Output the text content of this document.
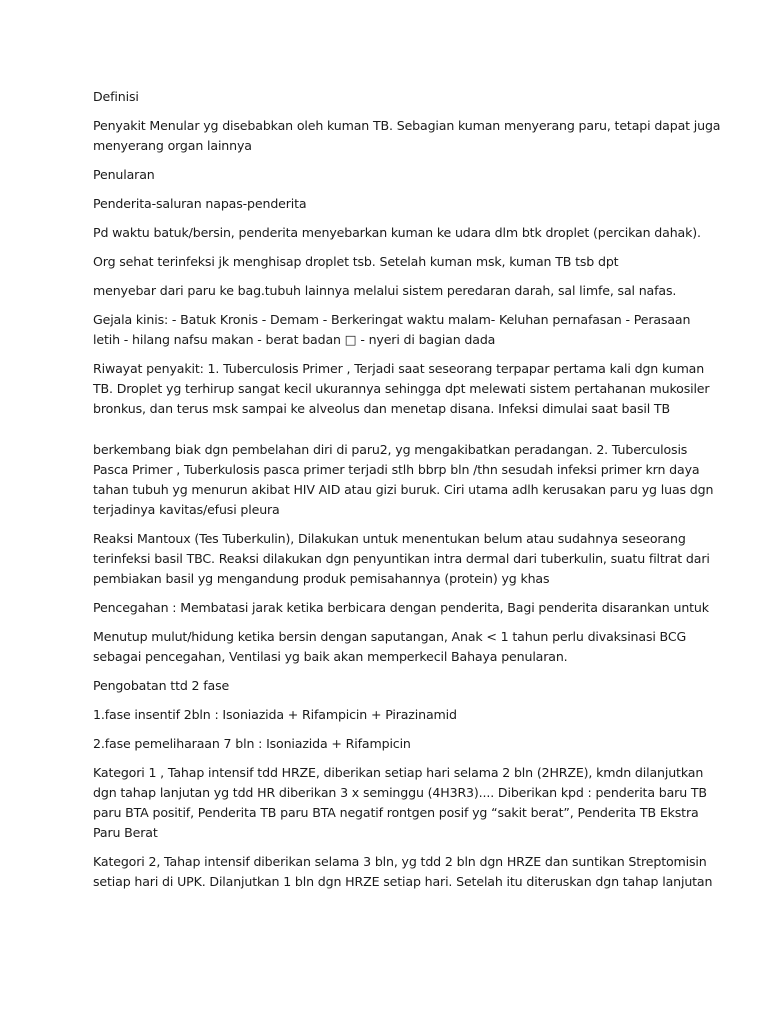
Definisi

Penyakit Menular yg disebabkan oleh kuman TB. Sebagian kuman menyerang paru, tetapi dapat juga
menyerang organ lainnya

Penularan

Penderita-saluran napas-penderita

Pd waktu batuk/bersin, penderita menyebarkan kuman ke udara dlm btk droplet (percikan dahak).

Org sehat terinfeksi jk menghisap droplet tsb. Setelah kuman msk, kuman TB tsb dpt

menyebar dari paru ke bag.tubuh lainnya melalui sistem peredaran darah, sal limfe, sal nafas.

Gejala kinis: - Batuk Kronis - Demam - Berkeringat waktu malam- Keluhan pernafasan - Perasaan
letih - hilang nafsu makan - berat badan □ - nyeri di bagian dada

Riwayat penyakit: 1. Tuberculosis Primer , Terjadi saat seseorang terpapar pertama kali dgn kuman
TB. Droplet yg terhirup sangat kecil ukurannya sehingga dpt melewati sistem pertahanan mukosiler
bronkus, dan terus msk sampai ke alveolus dan menetap disana. Infeksi dimulai saat basil TB

berkembang biak dgn pembelahan diri di paru2, yg mengakibatkan peradangan. 2. Tuberculosis
Pasca Primer , Tuberkulosis pasca primer terjadi stlh bbrp bln /thn sesudah infeksi primer krn daya
tahan tubuh yg menurun akibat HIV AID atau gizi buruk. Ciri utama adlh kerusakan paru yg luas dgn
terjadinya kavitas/efusi pleura

Reaksi Mantoux (Tes Tuberkulin), Dilakukan untuk menentukan belum atau sudahnya seseorang
terinfeksi basil TBC. Reaksi dilakukan dgn penyuntikan intra dermal dari tuberkulin, suatu filtrat dari
pembiakan basil yg mengandung produk pemisahannya (protein) yg khas

Pencegahan : Membatasi jarak ketika berbicara dengan penderita, Bagi penderita disarankan untuk

Menutup mulut/hidung ketika bersin dengan saputangan, Anak < 1 tahun perlu divaksinasi BCG
sebagai pencegahan, Ventilasi yg baik akan memperkecil Bahaya penularan.

Pengobatan ttd 2 fase

1.fase insentif 2bln : Isoniazida + Rifampicin + Pirazinamid

2.fase pemeliharaan 7 bln : Isoniazida + Rifampicin

Kategori 1 , Tahap intensif tdd HRZE, diberikan setiap hari selama 2 bln (2HRZE), kmdn dilanjutkan
dgn tahap lanjutan yg tdd HR diberikan 3 x seminggu (4H3R3).... Diberikan kpd : penderita baru TB
paru BTA positif, Penderita TB paru BTA negatif rontgen posif yg “sakit berat”, Penderita TB Ekstra
Paru Berat

Kategori 2, Tahap intensif diberikan selama 3 bln, yg tdd 2 bln dgn HRZE dan suntikan Streptomisin
setiap hari di UPK. Dilanjutkan 1 bln dgn HRZE setiap hari. Setelah itu diteruskan dgn tahap lanjutan
